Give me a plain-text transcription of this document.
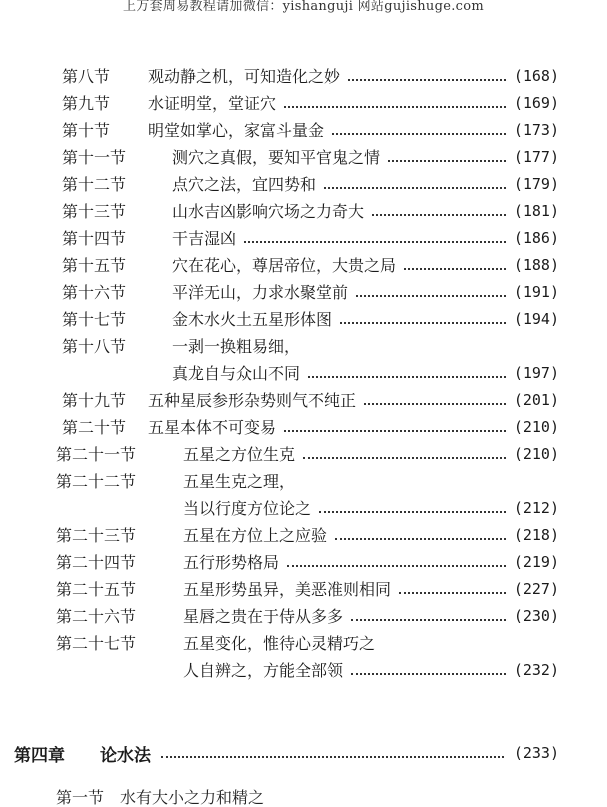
上万套周易教程请加微信：yishanguji 网站gujishuge.com
第八节	观动静之机，可知造化之妙	(168)
第九节	水证明堂，堂证穴	(169)
第十节	明堂如掌心，家富斗量金	(173)
第十一节	测穴之真假，要知平官鬼之情	(177)
第十二节	点穴之法，宜四势和	(179)
第十三节	山水吉凶影响穴场之力奇大	(181)
第十四节	干吉湿凶	(186)
第十五节	穴在花心，尊居帝位，大贵之局	(188)
第十六节	平洋无山，力求水聚堂前	(191)
第十七节	金木水火土五星形体图	(194)
第十八节	一剥一换粗易细，
真龙自与众山不同	(197)
第十九节	五种星辰参形杂势则气不纯正	(201)
第二十节	五星本体不可变易	(210)
第二十一节	五星之方位生克	(210)
第二十二节	五星生克之理，
当以行度方位论之	(212)
第二十三节	五星在方位上之应验	(218)
第二十四节	五行形势格局	(219)
第二十五节	五星形势虽异，美恶准则相同	(227)
第二十六节	星唇之贵在于侍从多多	(230)
第二十七节	五星变化，惟待心灵精巧之
人自辨之，方能全部领	(232)
第四章 论水法	(233)
第一节　水有大小之力和精之
